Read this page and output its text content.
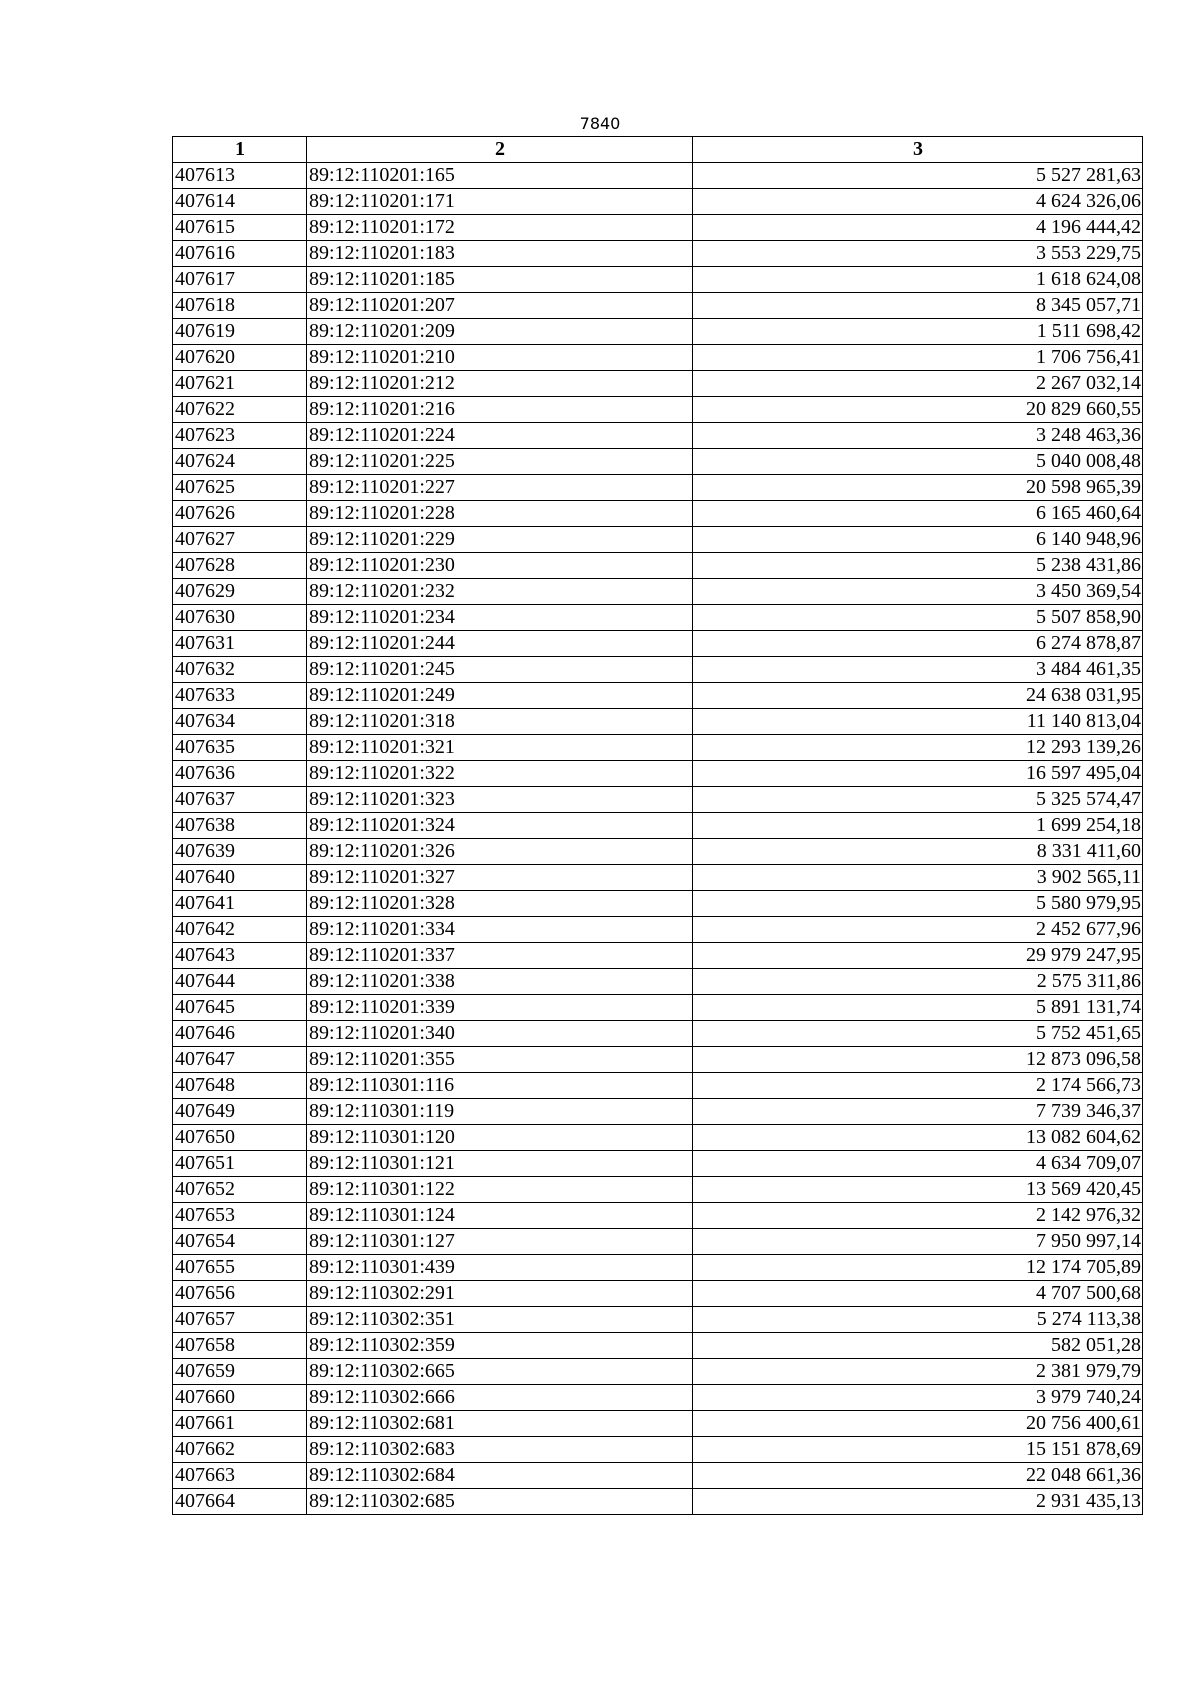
7840
1	2	3
407613	89:12:110201:165	5 527 281,63
407614	89:12:110201:171	4 624 326,06
407615	89:12:110201:172	4 196 444,42
407616	89:12:110201:183	3 553 229,75
407617	89:12:110201:185	1 618 624,08
407618	89:12:110201:207	8 345 057,71
407619	89:12:110201:209	1 511 698,42
407620	89:12:110201:210	1 706 756,41
407621	89:12:110201:212	2 267 032,14
407622	89:12:110201:216	20 829 660,55
407623	89:12:110201:224	3 248 463,36
407624	89:12:110201:225	5 040 008,48
407625	89:12:110201:227	20 598 965,39
407626	89:12:110201:228	6 165 460,64
407627	89:12:110201:229	6 140 948,96
407628	89:12:110201:230	5 238 431,86
407629	89:12:110201:232	3 450 369,54
407630	89:12:110201:234	5 507 858,90
407631	89:12:110201:244	6 274 878,87
407632	89:12:110201:245	3 484 461,35
407633	89:12:110201:249	24 638 031,95
407634	89:12:110201:318	11 140 813,04
407635	89:12:110201:321	12 293 139,26
407636	89:12:110201:322	16 597 495,04
407637	89:12:110201:323	5 325 574,47
407638	89:12:110201:324	1 699 254,18
407639	89:12:110201:326	8 331 411,60
407640	89:12:110201:327	3 902 565,11
407641	89:12:110201:328	5 580 979,95
407642	89:12:110201:334	2 452 677,96
407643	89:12:110201:337	29 979 247,95
407644	89:12:110201:338	2 575 311,86
407645	89:12:110201:339	5 891 131,74
407646	89:12:110201:340	5 752 451,65
407647	89:12:110201:355	12 873 096,58
407648	89:12:110301:116	2 174 566,73
407649	89:12:110301:119	7 739 346,37
407650	89:12:110301:120	13 082 604,62
407651	89:12:110301:121	4 634 709,07
407652	89:12:110301:122	13 569 420,45
407653	89:12:110301:124	2 142 976,32
407654	89:12:110301:127	7 950 997,14
407655	89:12:110301:439	12 174 705,89
407656	89:12:110302:291	4 707 500,68
407657	89:12:110302:351	5 274 113,38
407658	89:12:110302:359	582 051,28
407659	89:12:110302:665	2 381 979,79
407660	89:12:110302:666	3 979 740,24
407661	89:12:110302:681	20 756 400,61
407662	89:12:110302:683	15 151 878,69
407663	89:12:110302:684	22 048 661,36
407664	89:12:110302:685	2 931 435,13
